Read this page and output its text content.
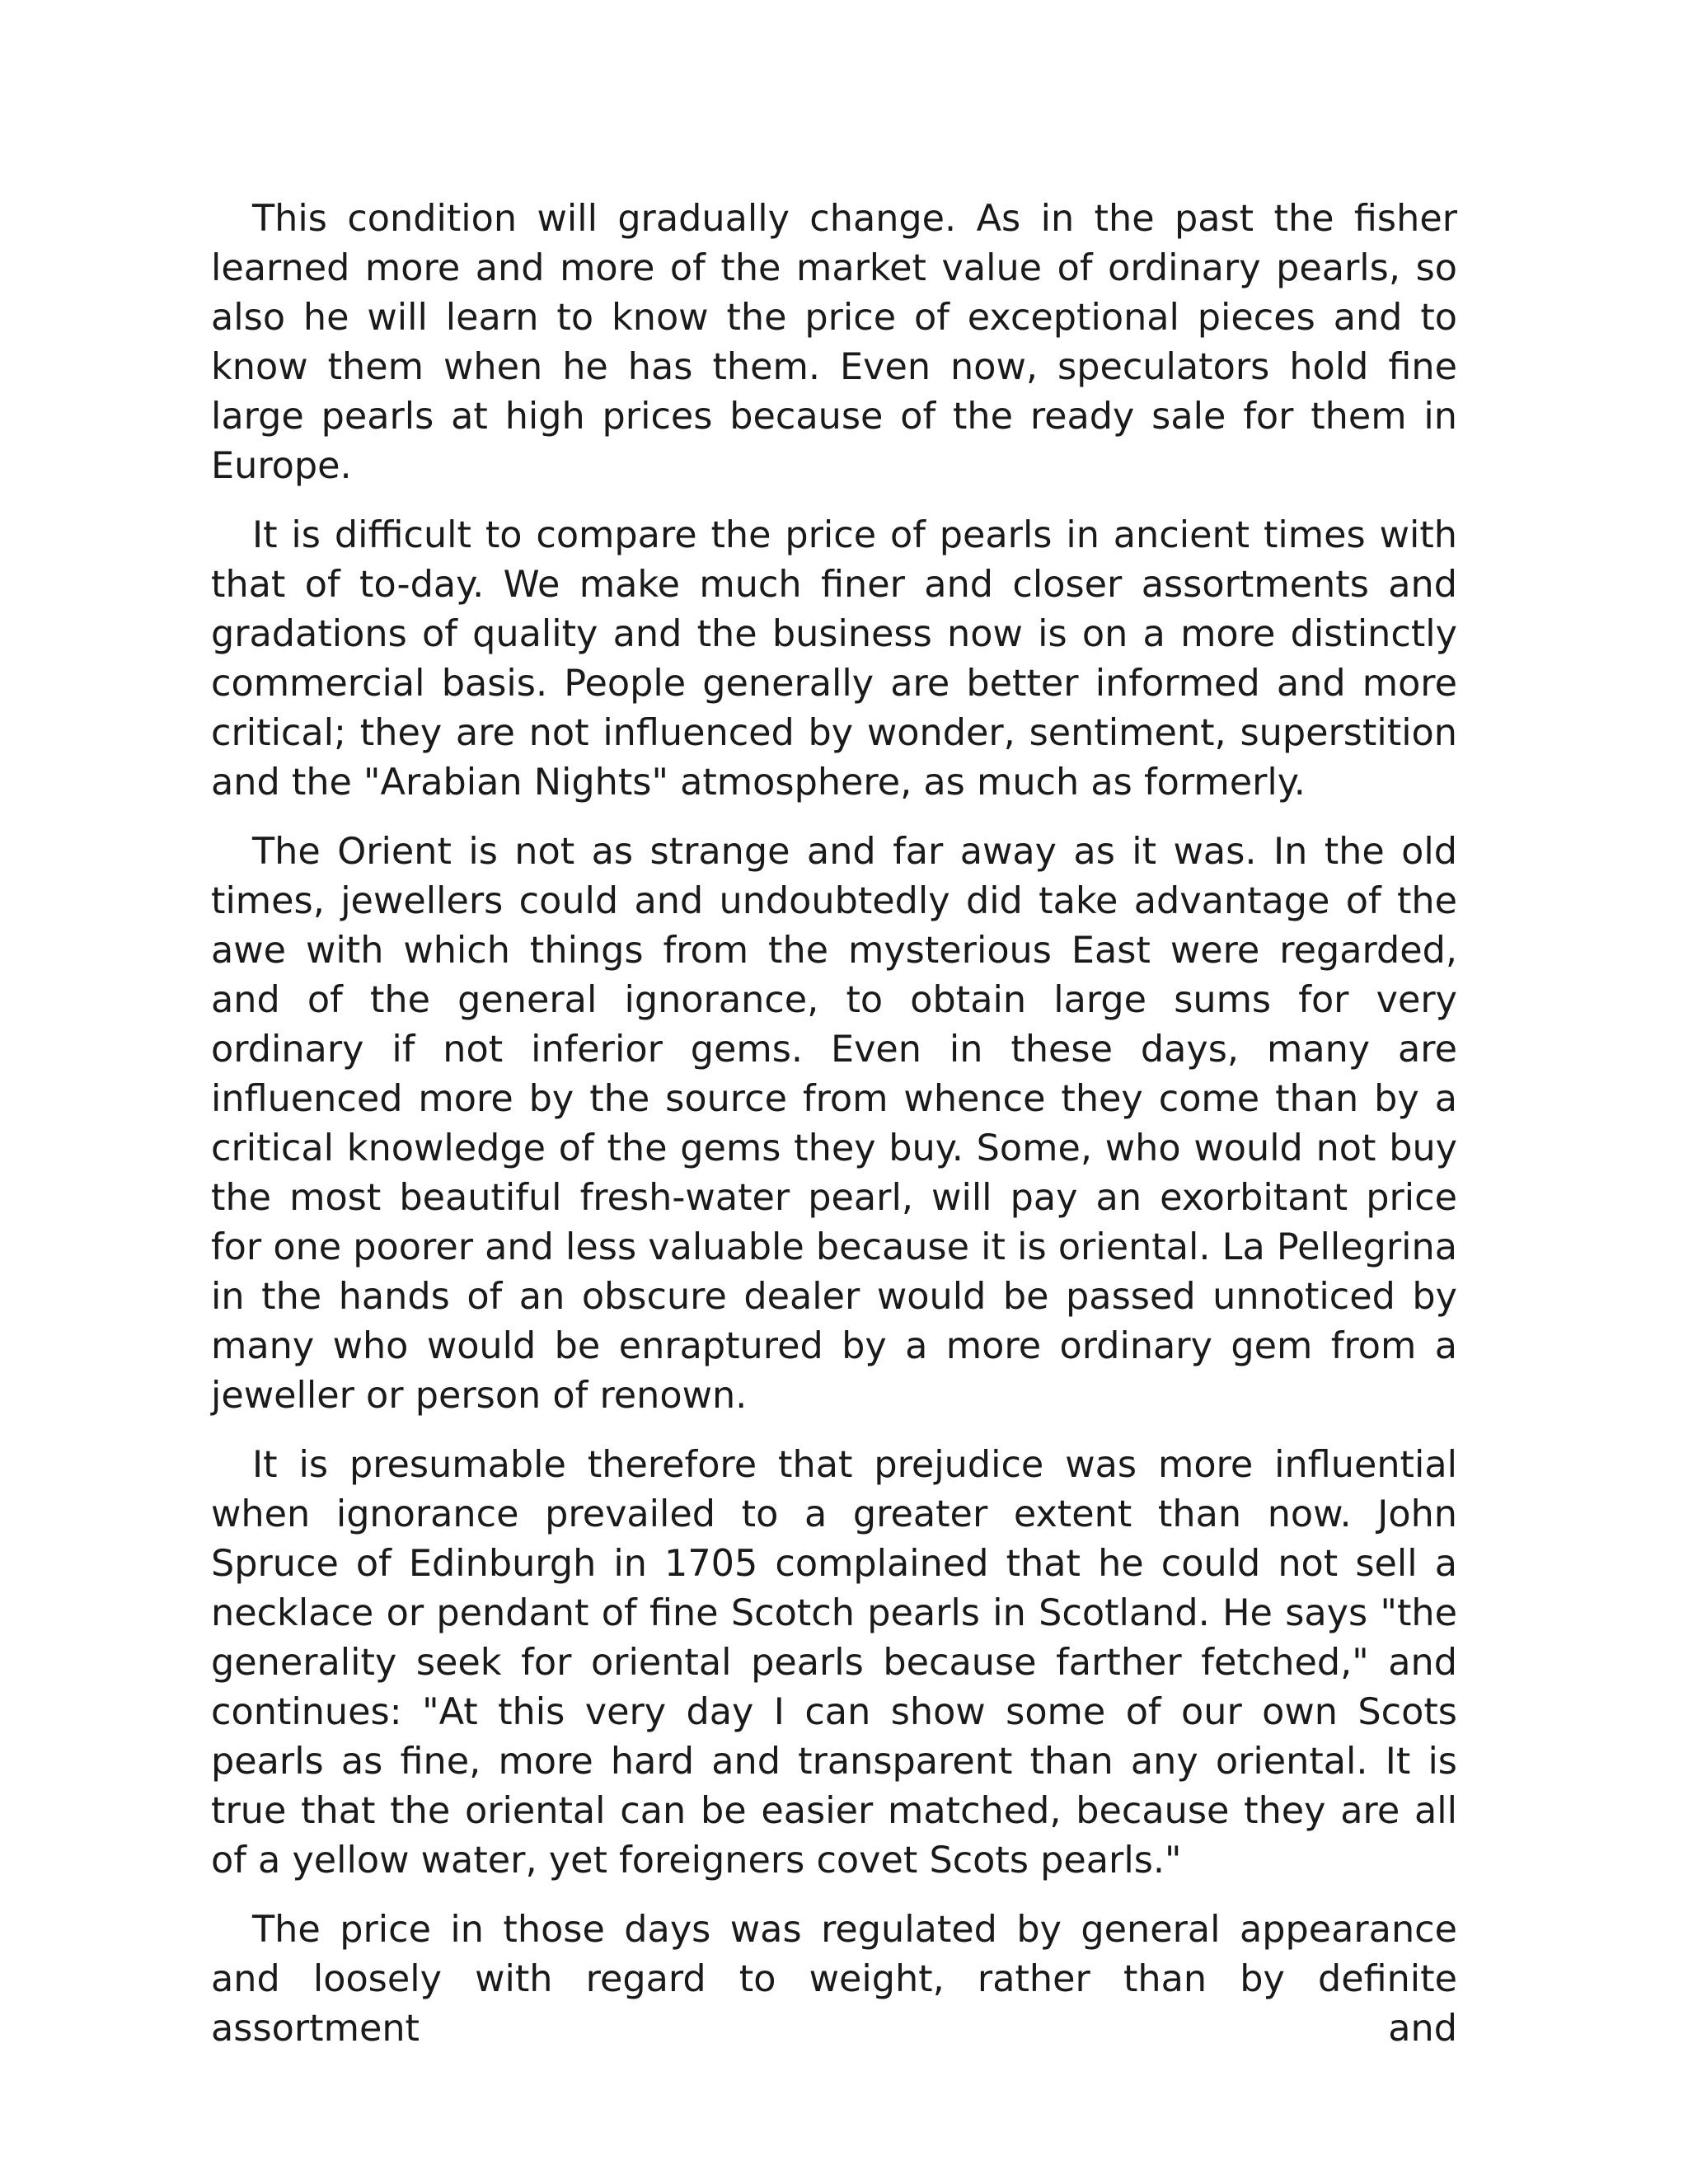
This condition will gradually change. As in the past the fisher learned more and more of the market value of ordinary pearls, so also he will learn to know the price of exceptional pieces and to know them when he has them. Even now, speculators hold fine large pearls at high prices because of the ready sale for them in Europe.

It is difficult to compare the price of pearls in ancient times with that of to-day. We make much finer and closer assortments and gradations of quality and the business now is on a more distinctly commercial basis. People generally are better informed and more critical; they are not influenced by wonder, sentiment, superstition and the "Arabian Nights" atmosphere, as much as formerly.

The Orient is not as strange and far away as it was. In the old times, jewellers could and undoubtedly did take advantage of the awe with which things from the mysterious East were regarded, and of the general ignorance, to obtain large sums for very ordinary if not inferior gems. Even in these days, many are influenced more by the source from whence they come than by a critical knowledge of the gems they buy. Some, who would not buy the most beautiful fresh-water pearl, will pay an exorbitant price for one poorer and less valuable because it is oriental. La Pellegrina in the hands of an obscure dealer would be passed unnoticed by many who would be enraptured by a more ordinary gem from a jeweller or person of renown.

It is presumable therefore that prejudice was more influential when ignorance prevailed to a greater extent than now. John Spruce of Edinburgh in 1705 complained that he could not sell a necklace or pendant of fine Scotch pearls in Scotland. He says "the generality seek for oriental pearls because farther fetched," and continues: "At this very day I can show some of our own Scots pearls as fine, more hard and transparent than any oriental. It is true that the oriental can be easier matched, because they are all of a yellow water, yet foreigners covet Scots pearls."

The price in those days was regulated by general appearance and loosely with regard to weight, rather than by definite assortment and
